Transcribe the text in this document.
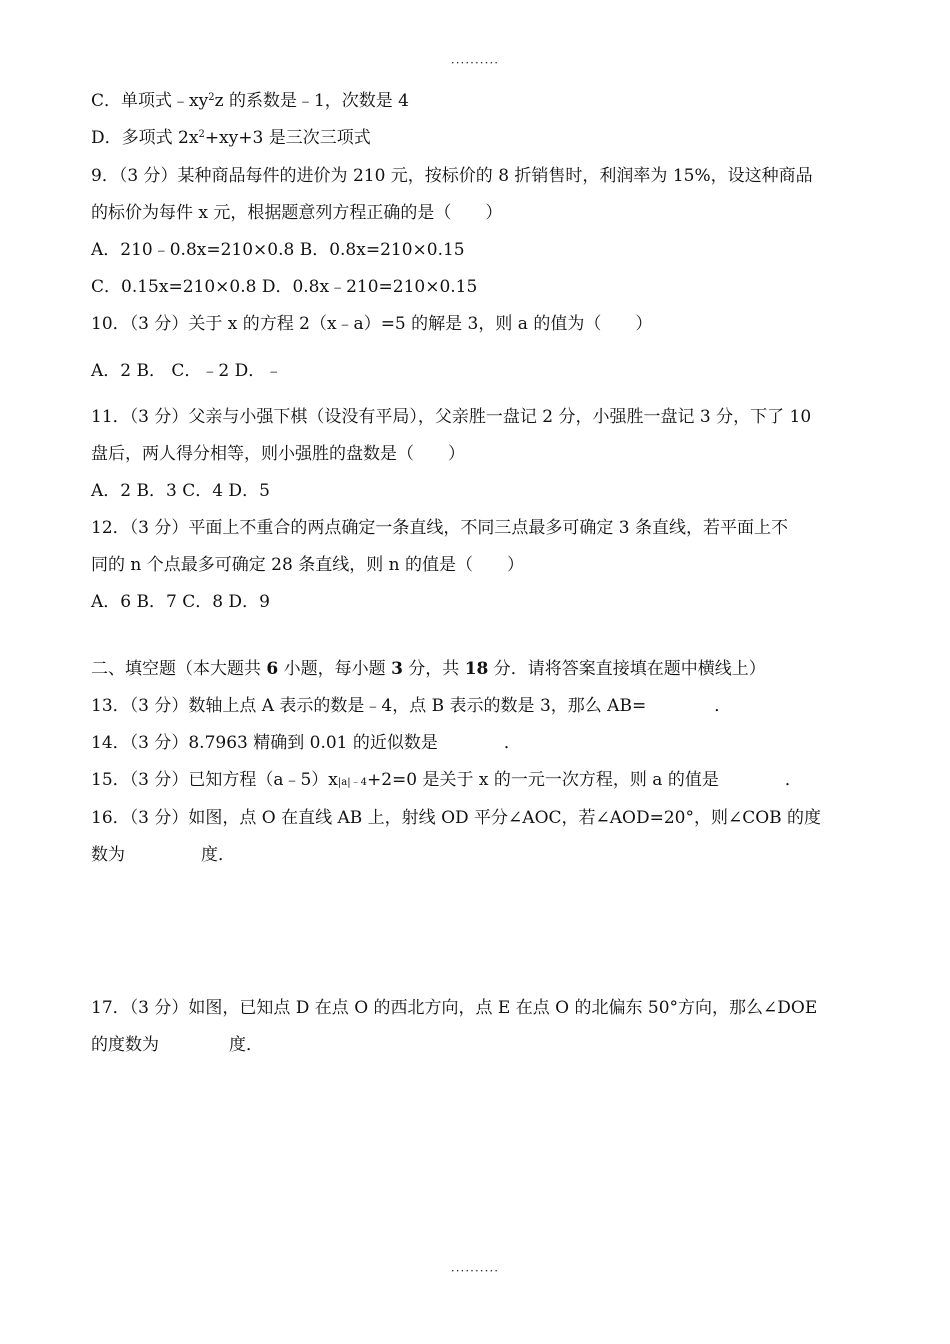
··········
C．单项式$﹣xy^2z$ 的系数是﹣1，次数是 4
D．多项式 $2x^2+xy+3$ 是三次三项式
9．（3 分）某种商品每件的进价为 210 元，按标价的 8 折销售时，利润率为 15%，设这种商品
的标价为每件 x 元，根据题意列方程正确的是（　　）
A．210﹣0.8x=210×0.8 B．0.8x=210×0.15
C．0.15x=210×0.8 D．0.8x﹣210=210×0.15
10．（3 分）关于 x 的方程 2（x﹣a）=5 的解是 3，则 a 的值为（　　）
A．2 B． C．﹣2 D．﹣
11．（3 分）父亲与小强下棋（设没有平局），父亲胜一盘记 2 分，小强胜一盘记 3 分，下了 10
盘后，两人得分相等，则小强胜的盘数是（　　）
A．2 B．3 C．4 D．5
12．（3 分）平面上不重合的两点确定一条直线，不同三点最多可确定 3 条直线，若平面上不
同的 n 个点最多可确定 28 条直线，则 n 的值是（　　）
A．6 B．7 C．8 D．9
二、填空题（本大题共 6 小题，每小题 3 分，共 18 分．请将答案直接填在题中横线上）
13．（3 分）数轴上点 A 表示的数是﹣4，点 B 表示的数是 3，那么 AB=	．
14．（3 分）8.7963 精确到 0.01 的近似数是	．
15．（3 分）已知方程（a﹣5）x|a|﹣4+2=0 是关于 x 的一元一次方程，则 a 的值是	．
16．（3 分）如图，点 O 在直线 AB 上，射线 OD 平分∠AOC，若∠AOD=20°，则∠COB 的度
数为	度．
17．（3 分）如图，已知点 D 在点 O 的西北方向，点 E 在点 O 的北偏东 50°方向，那么∠DOE
的度数为	度．
··········
